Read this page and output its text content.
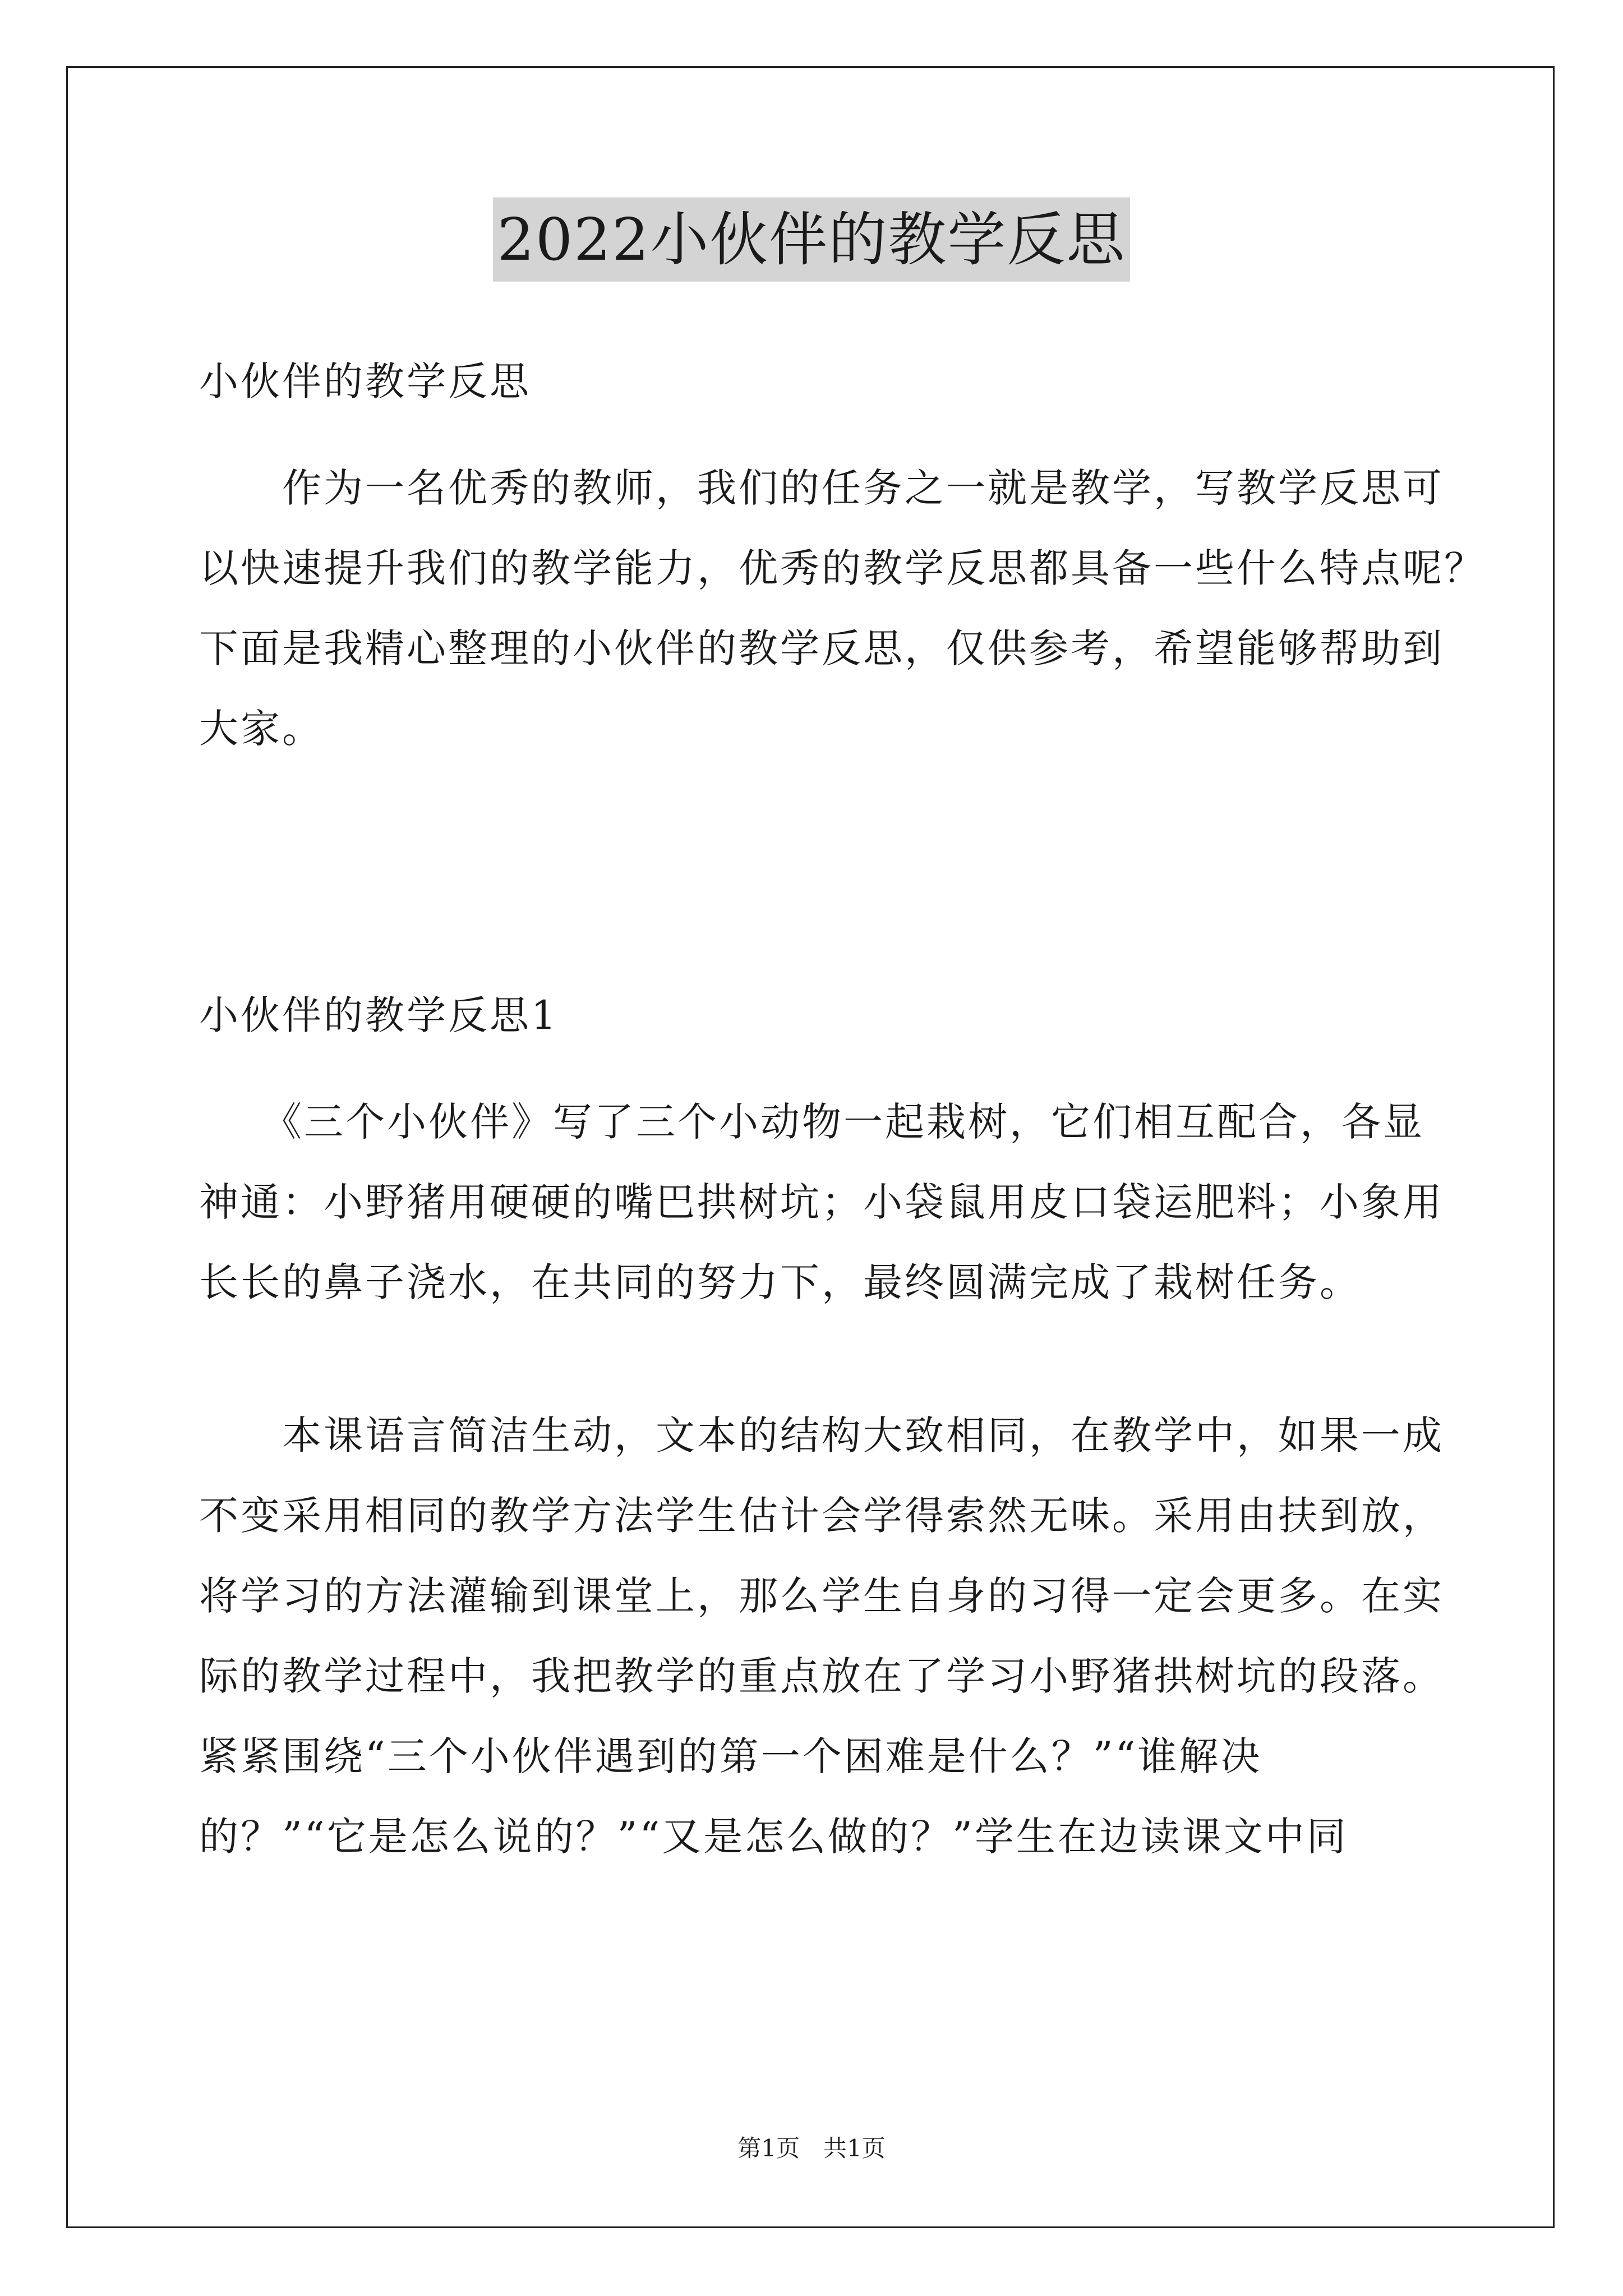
2022小伙伴的教学反思
小伙伴的教学反思
　　作为一名优秀的教师，我们的任务之一就是教学，写教学反思可
以快速提升我们的教学能力，优秀的教学反思都具备一些什么特点呢？
下面是我精心整理的小伙伴的教学反思，仅供参考，希望能够帮助到
大家。
小伙伴的教学反思1
　　《三个小伙伴》写了三个小动物一起栽树，它们相互配合，各显
神通：小野猪用硬硬的嘴巴拱树坑；小袋鼠用皮口袋运肥料；小象用
长长的鼻子浇水，在共同的努力下，最终圆满完成了栽树任务。
　　本课语言简洁生动，文本的结构大致相同，在教学中，如果一成
不变采用相同的教学方法学生估计会学得索然无味。采用由扶到放，
将学习的方法灌输到课堂上，那么学生自身的习得一定会更多。在实
际的教学过程中，我把教学的重点放在了学习小野猪拱树坑的段落。
紧紧围绕“三个小伙伴遇到的第一个困难是什么？”“谁解决
的？”“它是怎么说的？”“又是怎么做的？”学生在边读课文中同
第1页　共1页
